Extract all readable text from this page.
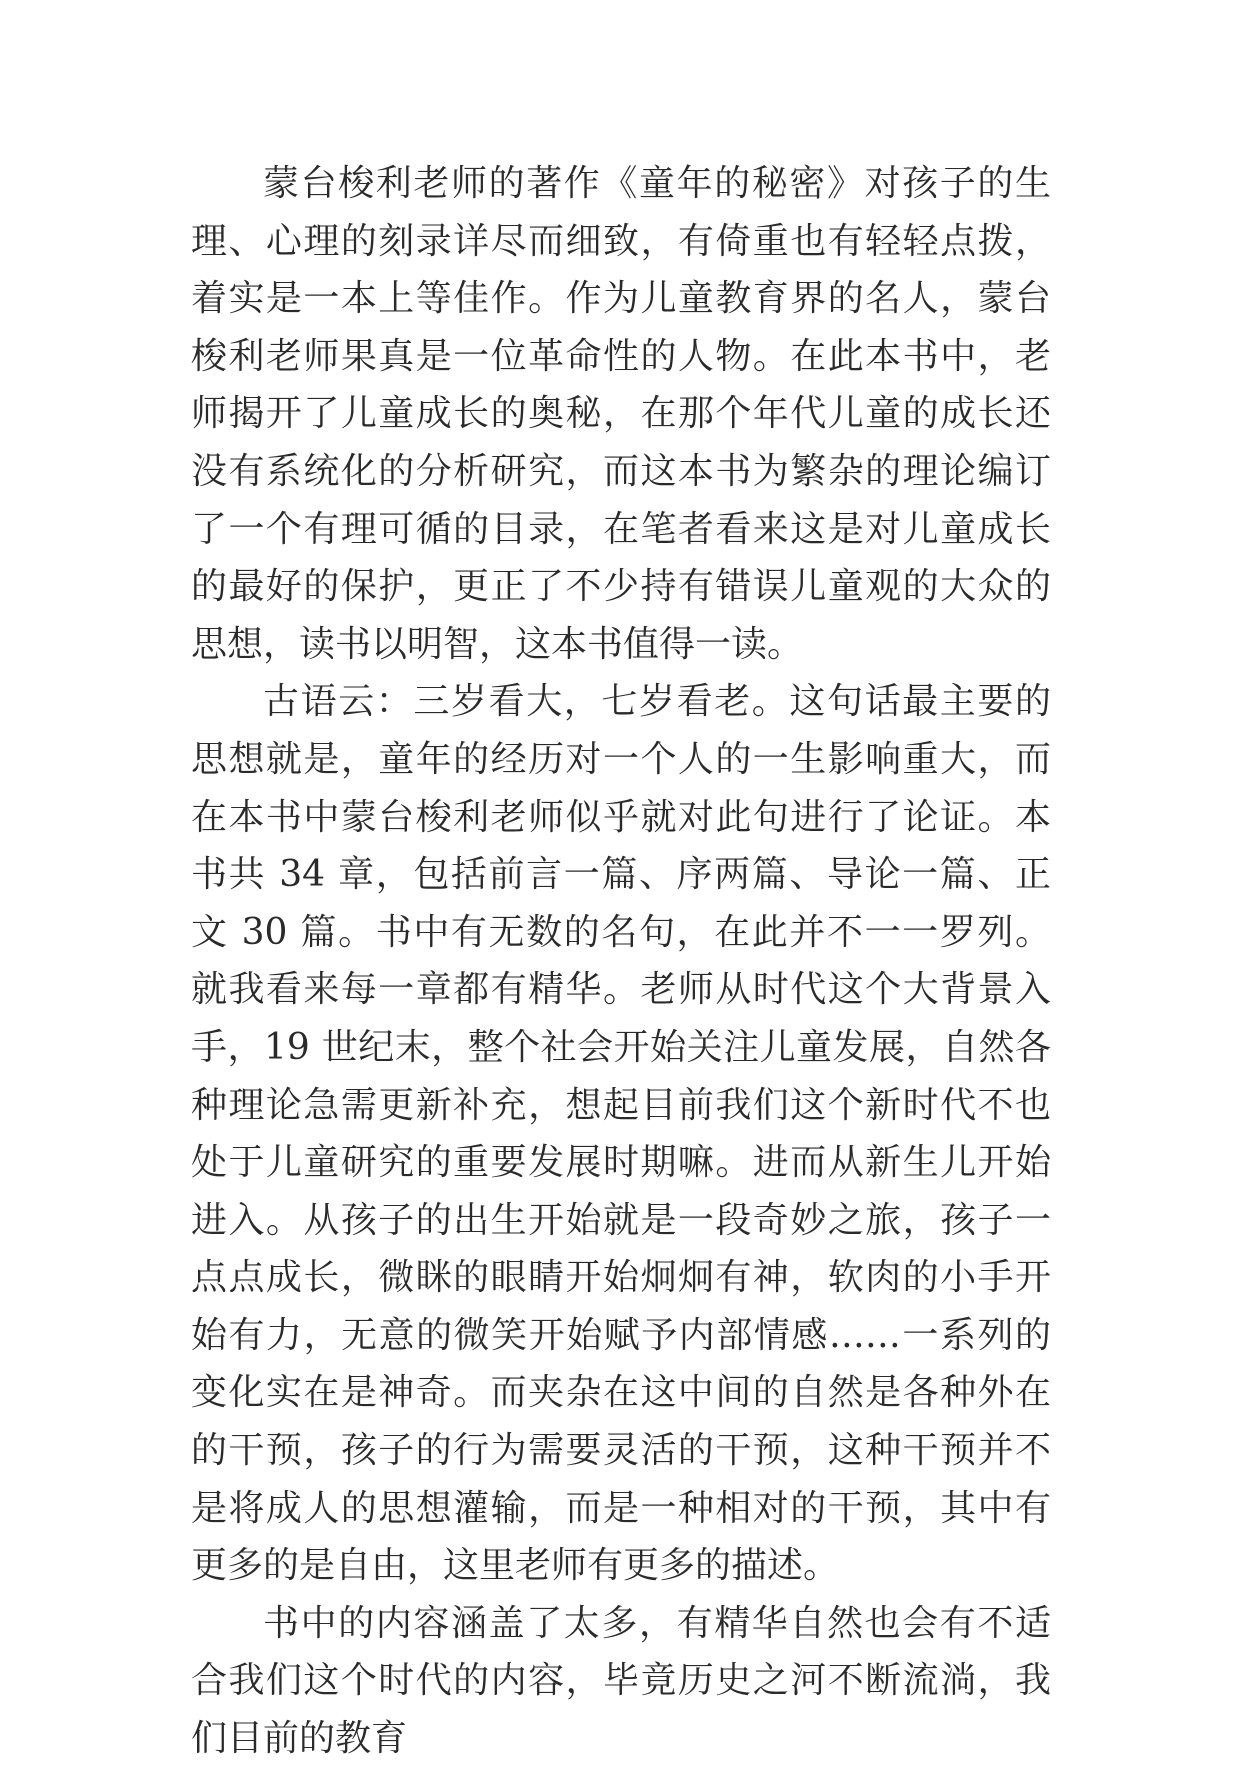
蒙台梭利老师的著作《童年的秘密》对孩子的生理、心理的刻录详尽而细致，有倚重也有轻轻点拨，着实是一本上等佳作。作为儿童教育界的名人，蒙台梭利老师果真是一位革命性的人物。在此本书中，老师揭开了儿童成长的奥秘，在那个年代儿童的成长还没有系统化的分析研究，而这本书为繁杂的理论编订了一个有理可循的目录，在笔者看来这是对儿童成长的最好的保护，更正了不少持有错误儿童观的大众的思想，读书以明智，这本书值得一读。

古语云：三岁看大，七岁看老。这句话最主要的思想就是，童年的经历对一个人的一生影响重大，而在本书中蒙台梭利老师似乎就对此句进行了论证。本书共 34 章，包括前言一篇、序两篇、导论一篇、正文 30 篇。书中有无数的名句，在此并不一一罗列。就我看来每一章都有精华。老师从时代这个大背景入手，19 世纪末，整个社会开始关注儿童发展，自然各种理论急需更新补充，想起目前我们这个新时代不也处于儿童研究的重要发展时期嘛。进而从新生儿开始进入。从孩子的出生开始就是一段奇妙之旅，孩子一点点成长，微眯的眼睛开始炯炯有神，软肉的小手开始有力，无意的微笑开始赋予内部情感……一系列的变化实在是神奇。而夹杂在这中间的自然是各种外在的干预，孩子的行为需要灵活的干预，这种干预并不是将成人的思想灌输，而是一种相对的干预，其中有更多的是自由，这里老师有更多的描述。

书中的内容涵盖了太多，有精华自然也会有不适合我们这个时代的内容，毕竟历史之河不断流淌，我们目前的教育
